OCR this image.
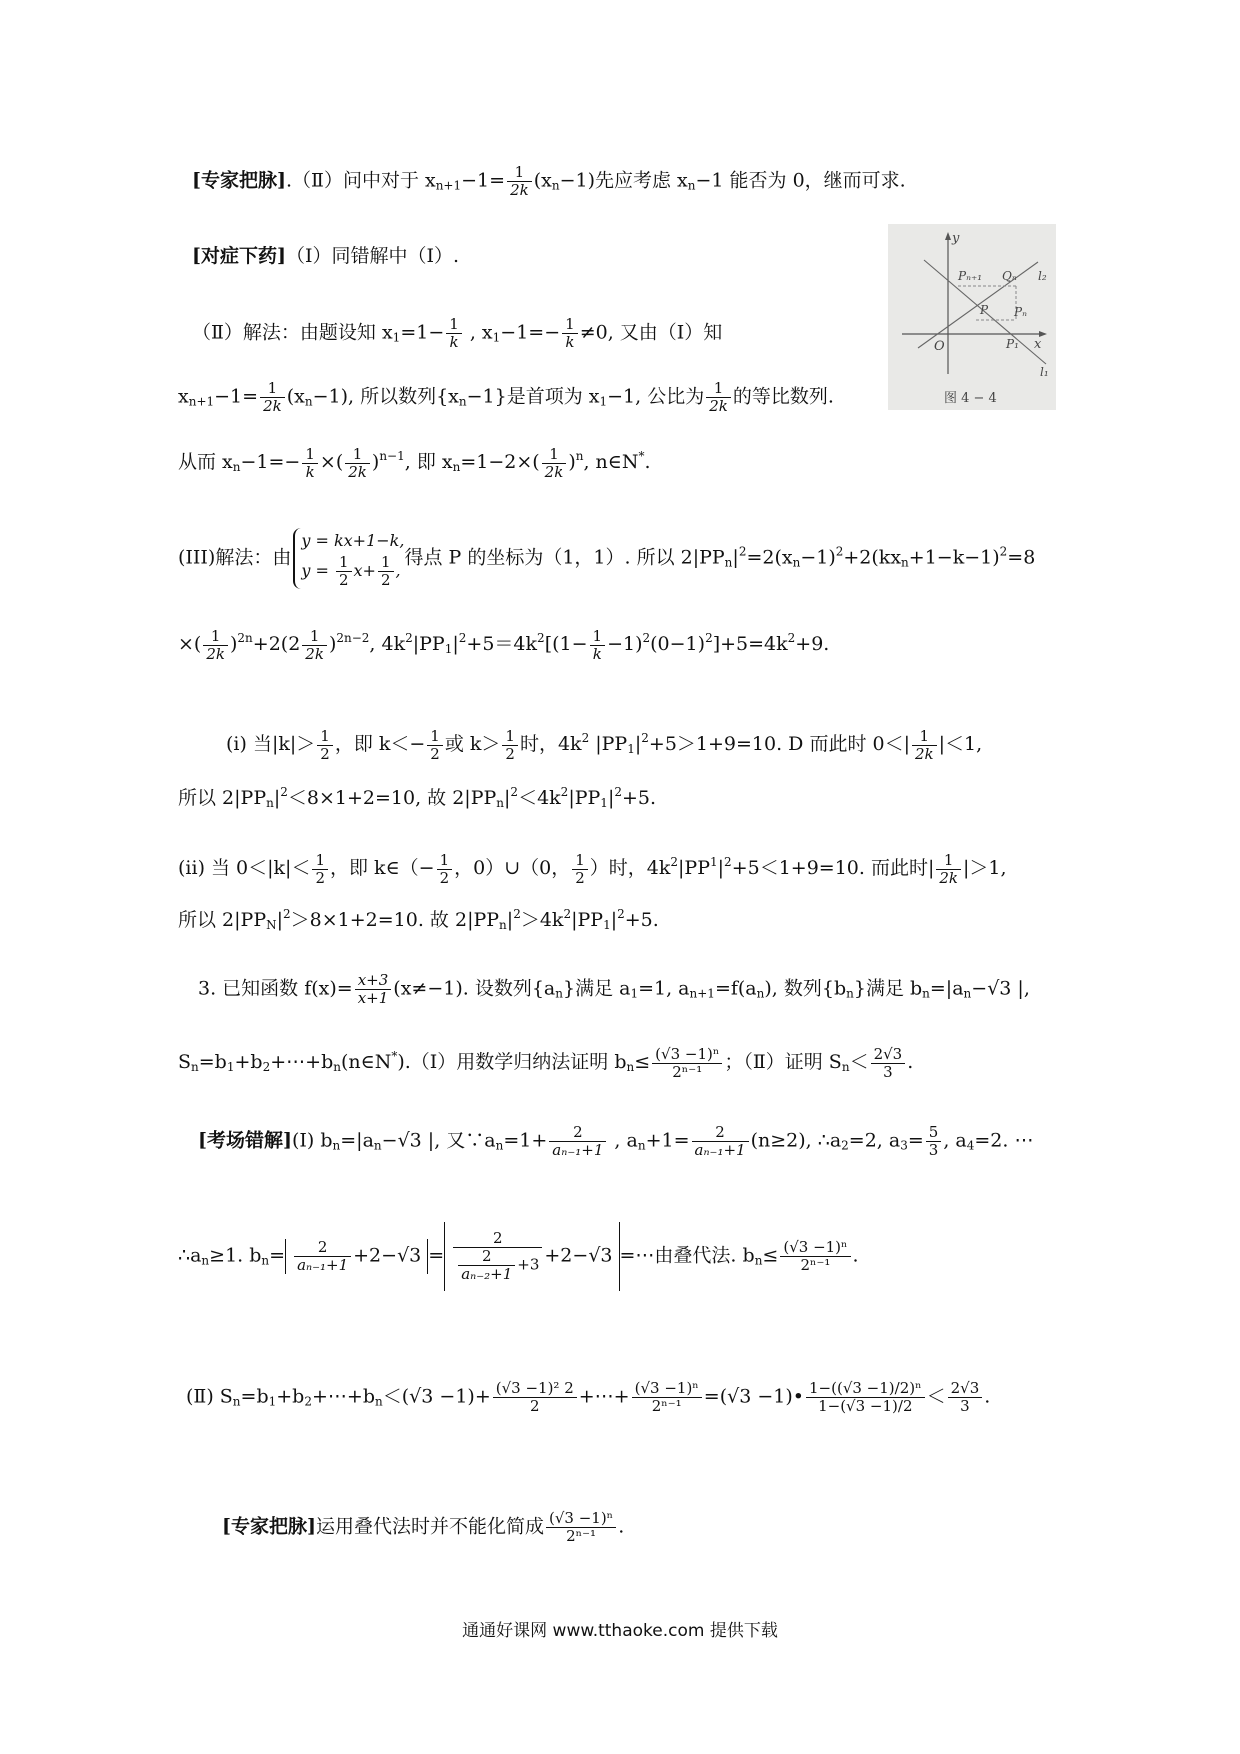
[专家把脉].（Ⅱ）问中对于 $x_{n+1}-1= \frac{1}{2k} (x_n-1)$先应考虑 $x_n-1$ 能否为 0，继而可求.
[对症下药]（Ⅰ）同错解中（Ⅰ）.
（Ⅱ）解法：由题设知 $x_1=1- \frac{1}{k}$ , $x_1-1=- \frac{1}{k} \ne 0$, 又由（Ⅰ）知
$x_{n+1}-1= \frac{1}{2k} (x_n-1)$, 所以数列$\{x_n-1\}$是首项为 $x_1-1$, 公比为 $\frac{1}{2k}$ 的等比数列.
从而 $x_n-1=- \frac{1}{k}$ ×( $\frac{1}{2k} )^{n-1}$, 即 $x_n=1-2\times( \frac{1}{2k} )^n$, n∈N*.
y
x
O
l₂
l₁
Pₙ₊₁ Qₙ
P Pₙ
P₁
图 4 − 4
(III)解法：由
y = kx+1−k,
$y = \frac{1}{2} x+ \frac{1}{2}$ ,
得点 P 的坐标为（1，1）. 所以 $2|PP_n|^2=2(x_n-1)^2+2(kx_n+1-k-1)^2=8$
×( $\frac{1}{2k} )^{2n}+2(2 \frac{1}{2k} )^{2n-2}$, $4k^2|PP_1|^2+5=4k^2[(1- \frac{1}{k} -1)^2(0-1)^2]+5=4k^2+9$.
(i) 当$|k|> \frac{1}{2}$ ，即 $k<- \frac{1}{2}$ 或 $k> \frac{1}{2}$ 时，$4k^2$ $|PP_1|^2+5>1+9=10$. D 而此时 $0<| \frac{1}{2k} |<1$,
所以 $2|PP_n|^2<8\times 1+2=10$, 故 $2|PP_n|^2<4k^2|PP_1|^2+5$.
(ii) 当 $0<|k|< \frac{1}{2}$ ，即 k∈（− $\frac{1}{2}$ ，0）∪（0， $\frac{1}{2}$ ）时，$4k^2|PP^1|^2+5<1+9=10$. 而此时| $\frac{1}{2k} |>1$,
所以 $2|PP_N|^2>8\times 1+2=10$. 故 $2|PP_n|^2>4k^2|PP_1|^2+5$.
3. 已知函数 $f(x)= \frac{x+3}{x+1} (x\ne-1)$. 设数列$\{a_n\}$满足 $a_1=1$, $a_{n+1}=f(a_n)$, 数列$\{b_n\}$满足 $b_n=|a_n-√3$ |,
$S_n=b_1+b_2+\cdots+b_n(n\in N^*).(Ⅰ)$用数学归纳法证明 $b_n\le \frac{\text{(√3 −1)ⁿ}}{\text{2ⁿ⁻¹}}$ ；（Ⅱ）证明 $S_n< \frac{2√3}{3}$ .
[考场错解](Ⅰ) $b_n=|a_n-√3$ |, 又$\because a_n=1+ \frac{2}{\text{aₙ₋₁+1}}$ , $a_n+1= \frac{2}{\text{aₙ₋₁+1}} (n\ge 2)$, $\therefore a_2=2$, $a_3= \frac{5}{3}$ , $a_4=2$. ⋯
$\therefore a_n\ge 1$. $b_n= \frac{2}{\text{aₙ₋₁+1}} +2-√3 = \frac{2}{\frac{2}{\text{aₙ₋₂+1}} +3} +2-√3$ =⋯由叠代法. $b_n\le \frac{\text{(√3 −1)ⁿ}}{\text{2ⁿ⁻¹}}$ .
(Ⅱ) $S_n=b_1+b_2+\cdots+b_n<(√3 -1)+ \frac{\text{(√3 −1)² 2}}{2}$ +⋯+ $\frac{\text{(√3 −1)ⁿ}}{\text{2ⁿ⁻¹}} =(√3$ −1)• $\frac{\text{1−((√3 −1)/2)ⁿ}}{1-(√3 -1)/2} < \frac{2√3}{3}$ .
[专家把脉]运用叠代法时并不能化简成 $\frac{\text{(√3 −1)ⁿ}}{\text{2ⁿ⁻¹}}$ .
通通好课网 www.tthaoke.com 提供下载
